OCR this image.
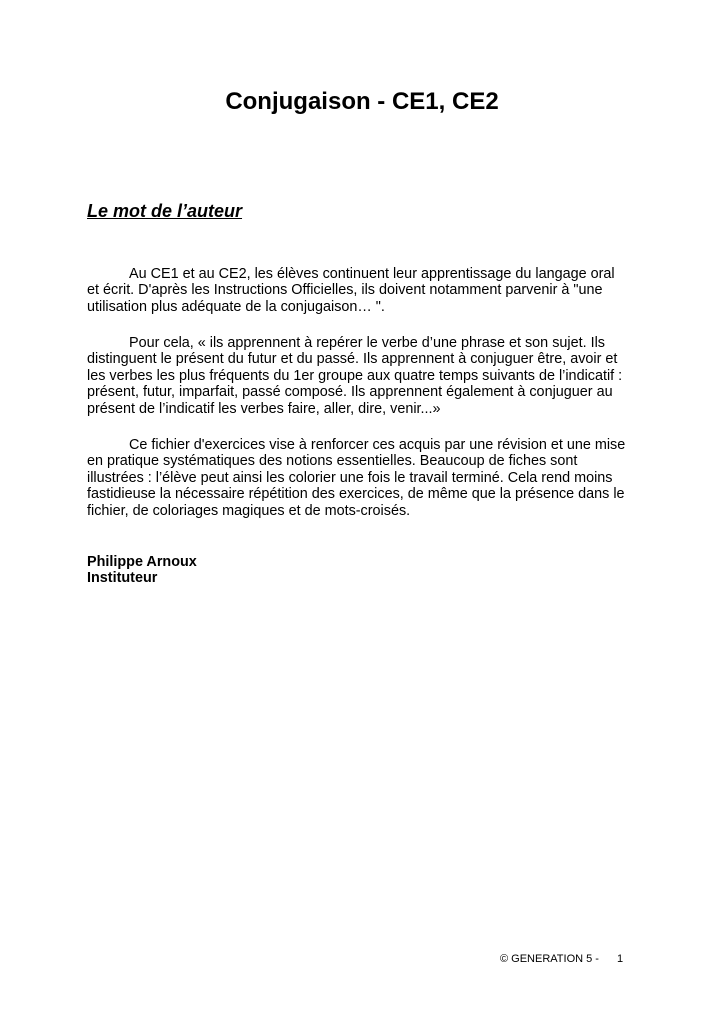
Conjugaison - CE1, CE2
Le mot de l’auteur

Au CE1 et au CE2, les élèves continuent leur apprentissage du langage oral
et écrit. D'après les Instructions Officielles, ils doivent notamment parvenir à "une
utilisation plus adéquate de la conjugaison… ".

Pour cela, « ils apprennent à repérer le verbe d’une phrase et son sujet. Ils
distinguent le présent du futur et du passé. Ils apprennent à conjuguer être, avoir et
les verbes les plus fréquents du 1er groupe aux quatre temps suivants de l’indicatif :
présent, futur, imparfait, passé composé. Ils apprennent également à conjuguer au
présent de l’indicatif les verbes faire, aller, dire, venir...»

Ce fichier d'exercices vise à renforcer ces acquis par une révision et une mise
en pratique systématiques des notions essentielles. Beaucoup de fiches sont
illustrées : l’élève peut ainsi les colorier une fois le travail terminé. Cela rend moins
fastidieuse la nécessaire répétition des exercices, de même que la présence dans le
fichier, de coloriages magiques et de mots-croisés.

Philippe Arnoux
Instituteur
© GENERATION 5 - 1
